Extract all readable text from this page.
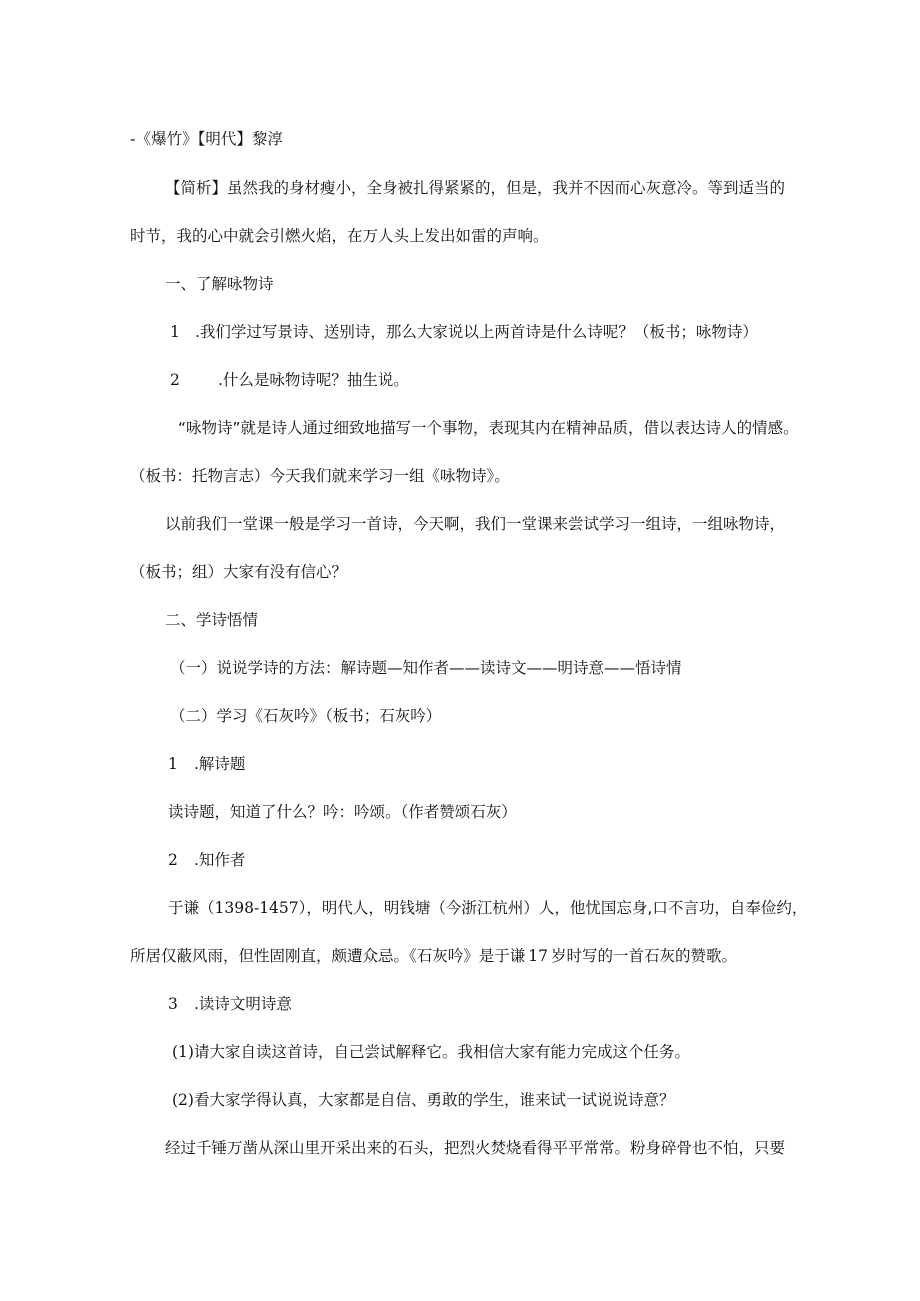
-《爆竹》【明代】黎淳
【简析】虽然我的身材瘦小，全身被扎得紧紧的，但是，我并不因而心灰意冷。等到适当的
时节，我的心中就会引燃火焰，在万人头上发出如雷的声响。
一、了解咏物诗
1 .我们学过写景诗、送别诗，那么大家说以上两首诗是什么诗呢？（板书；咏物诗）
2 .什么是咏物诗呢？抽生说。
“咏物诗”就是诗人通过细致地描写一个事物，表现其内在精神品质，借以表达诗人的情感。
（板书：托物言志）今天我们就来学习一组《咏物诗》。
以前我们一堂课一般是学习一首诗，今天啊，我们一堂课来尝试学习一组诗，一组咏物诗，
（板书；组）大家有没有信心？
二、学诗悟情
（一）说说学诗的方法：解诗题—知作者——读诗文——明诗意——悟诗情
（二）学习《石灰吟》（板书；石灰吟）
1 .解诗题
读诗题，知道了什么？吟：吟颂。（作者赞颂石灰）
2 .知作者
于谦（1398-1457），明代人，明钱塘（今浙江杭州）人，他忧国忘身,口不言功，自奉俭约，
所居仅蔽风雨，但性固刚直，颇遭众忌。《石灰吟》是于谦 17 岁时写的一首石灰的赞歌。
3 .读诗文明诗意
(1)请大家自读这首诗，自己尝试解释它。我相信大家有能力完成这个任务。
(2)看大家学得认真，大家都是自信、勇敢的学生，谁来试一试说说诗意？
经过千锤万凿从深山里开采出来的石头，把烈火焚烧看得平平常常。粉身碎骨也不怕，只要
